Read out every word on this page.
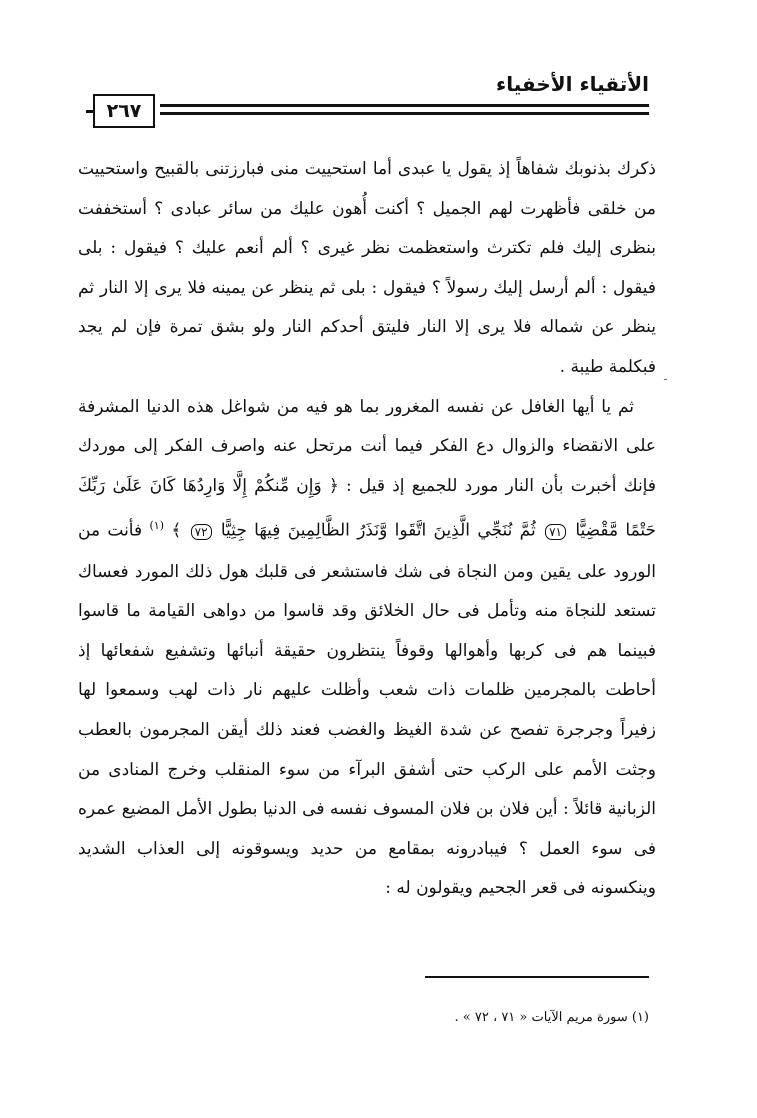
الأتقياء الأخفياء
٢٦٧

ذكرك بذنوبك شفاهاً إذ يقول يا عبدى أما استحييت منى فبارزتنى بالقبيح واستحييت من خلقى فأظهرت لهم الجميل ؟ أكنت أُهون عليك من سائر عبادى ؟ أستخففت بنظرى إليك فلم تكترث واستعظمت نظر غيرى ؟ ألم أنعم عليك ؟ فيقول : بلى فيقول : ألم أرسل إليك رسولاً ؟ فيقول : بلى ثم ينظر عن يمينه فلا يرى إلا النار ثم ينظر عن شماله فلا يرى إلا النار فليتق أحدكم النار ولو بشق تمرة فإن لم يجد فبكلمة طيبة .

ثم يا أيها الغافل عن نفسه المغرور بما هو فيه من شواغل هذه الدنيا المشرفة على الانقضاء والزوال دع الفكر فيما أنت مرتحل عنه واصرف الفكر إلى موردك فإنك أخبرت بأن النار مورد للجميع إذ قيل : ﴿ وَإِن مِّنكُمْ إِلَّا وَارِدُهَا كَانَ عَلَىٰ رَبِّكَ حَتْمًا مَّقْضِيًّا ٧١ ثُمَّ نُنَجِّي الَّذِينَ اتَّقَوا وَّنَذَرُ الظَّالِمِينَ فِيهَا جِثِيًّا ٧٢ ﴾ $^{(١)}$ فأنت من الورود على يقين ومن النجاة فى شك فاستشعر فى قلبك هول ذلك المورد فعساك تستعد للنجاة منه وتأمل فى حال الخلائق وقد قاسوا من دواهى القيامة ما قاسوا فبينما هم فى كربها وأهوالها وقوفاً ينتظرون حقيقة أنبائها وتشفيع شفعائها إذ أحاطت بالمجرمين ظلمات ذات شعب وأظلت عليهم نار ذات لهب وسمعوا لها زفيراً وجرجرة تفصح عن شدة الغيظ والغضب فعند ذلك أيقن المجرمون بالعطب وجثت الأمم على الركب حتى أشفق البرآء من سوء المنقلب وخرج المنادى من الزبانية قائلاً : أين فلان بن فلان المسوف نفسه فى الدنيا بطول الأمل المضيع عمره فى سوء العمل ؟ فيبادرونه بمقامع من حديد ويسوقونه إلى العذاب الشديد وينكسونه فى قعر الجحيم ويقولون له :

(١) سورة مريم الآيات « ٧١ ، ٧٢ » .
ـ
